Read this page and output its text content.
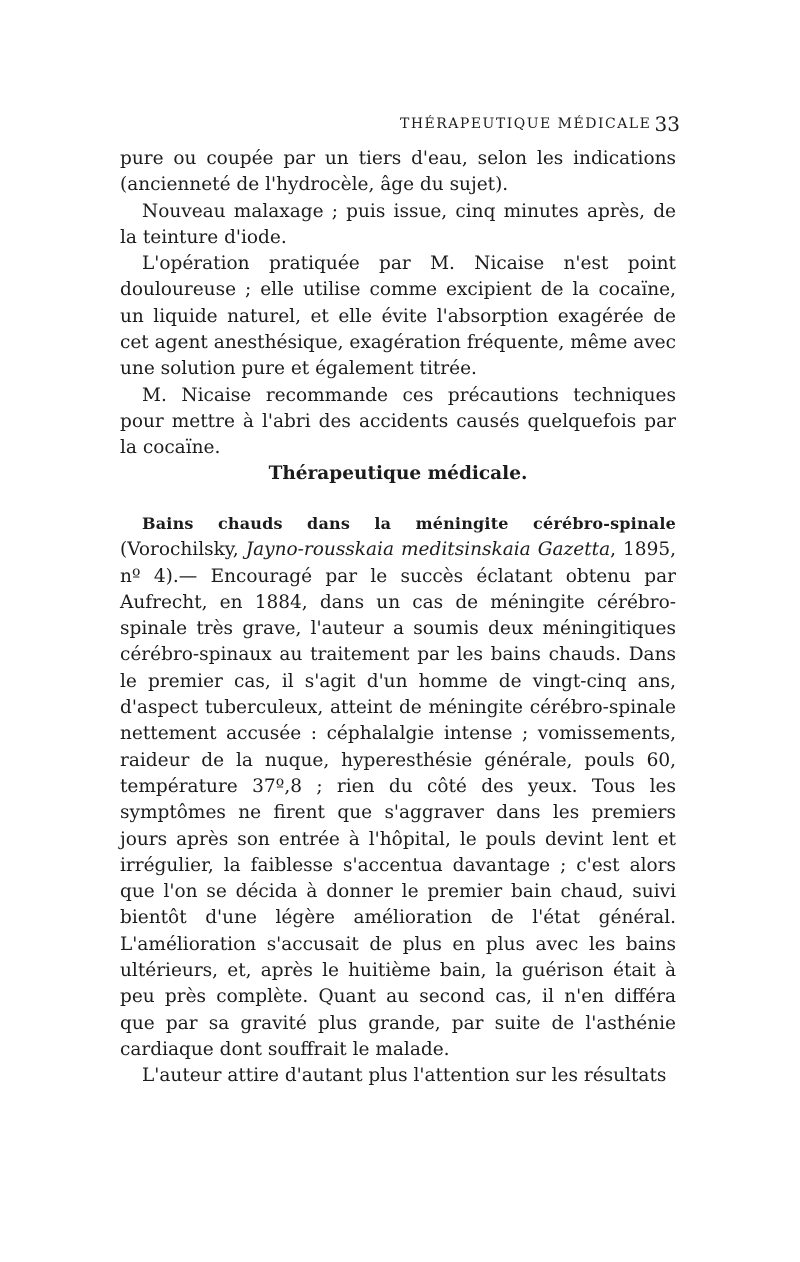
THÉRAPEUTIQUE MÉDICALE 33

pure ou coupée par un tiers d'eau, selon les indications (ancienneté de l'hydrocèle, âge du sujet).

Nouveau malaxage ; puis issue, cinq minutes après, de la teinture d'iode.

L'opération pratiquée par M. Nicaise n'est point douloureuse ; elle utilise comme excipient de la cocaïne, un liquide naturel, et elle évite l'absorption exagérée de cet agent anesthésique, exagération fréquente, même avec une solution pure et également titrée.

M. Nicaise recommande ces précautions techniques pour mettre à l'abri des accidents causés quelquefois par la cocaïne.

Thérapeutique médicale.

Bains chauds dans la méningite cérébro-spinale (Vorochilsky, Jayno-rousskaia meditsinskaia Gazetta, 1895, nº 4).— Encouragé par le succès éclatant obtenu par Aufrecht, en 1884, dans un cas de méningite cérébro-spinale très grave, l'auteur a soumis deux méningitiques cérébro-spinaux au traitement par les bains chauds. Dans le premier cas, il s'agit d'un homme de vingt-cinq ans, d'aspect tuberculeux, atteint de méningite cérébro-spinale nettement accusée : céphalalgie intense ; vomissements, raideur de la nuque, hyperesthésie générale, pouls 60, température 37º,8 ; rien du côté des yeux. Tous les symptômes ne firent que s'aggraver dans les premiers jours après son entrée à l'hôpital, le pouls devint lent et irrégulier, la faiblesse s'accentua davantage ; c'est alors que l'on se décida à donner le premier bain chaud, suivi bientôt d'une légère amélioration de l'état général. L'amélioration s'accusait de plus en plus avec les bains ultérieurs, et, après le huitième bain, la guérison était à peu près complète. Quant au second cas, il n'en différa que par sa gravité plus grande, par suite de l'asthénie cardiaque dont souffrait le malade.

L'auteur attire d'autant plus l'attention sur les résultats
